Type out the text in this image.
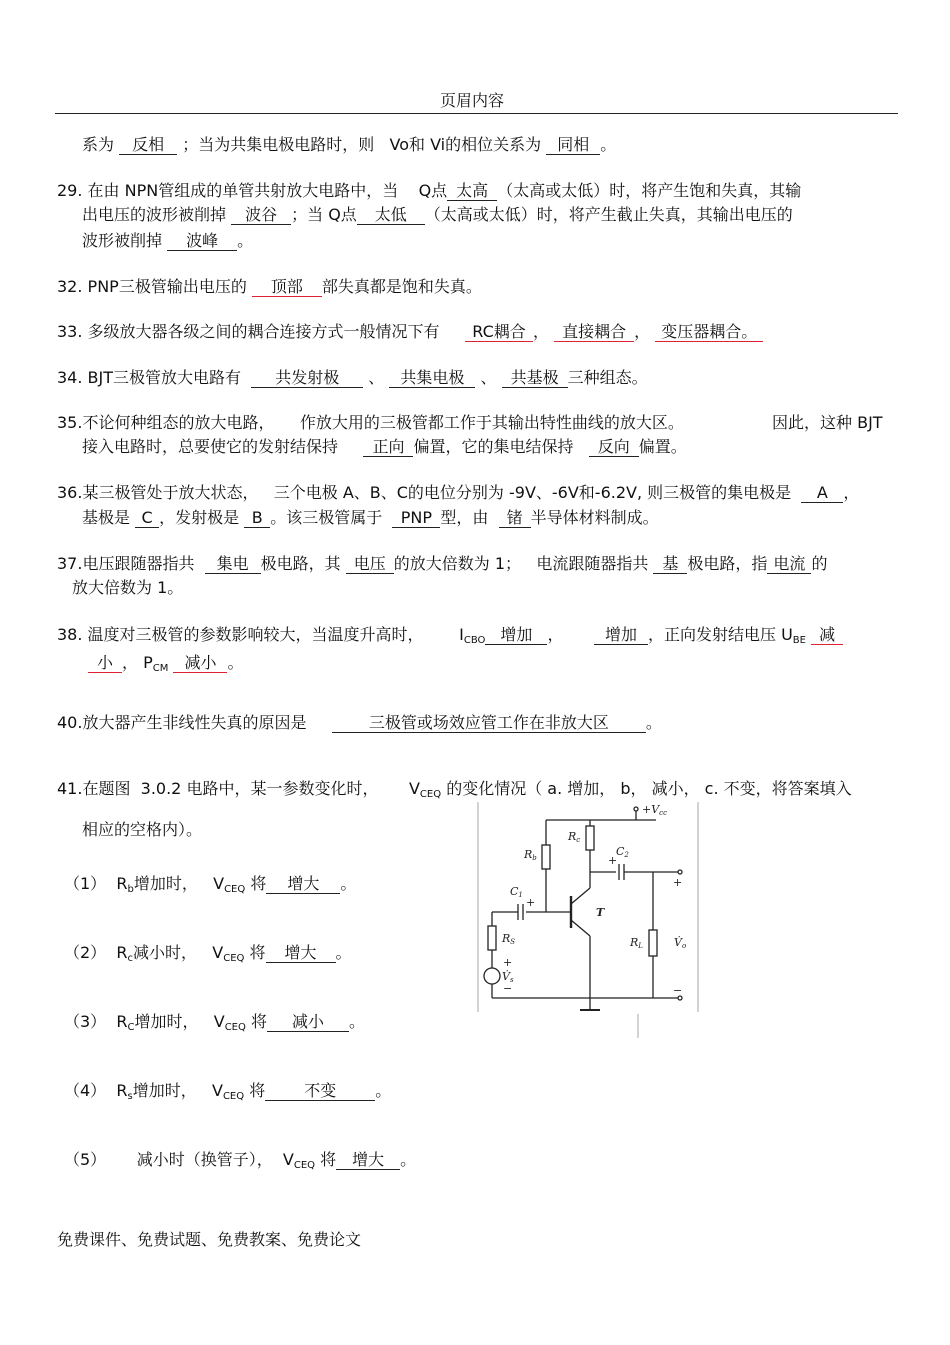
页眉内容
系为 反相 ；当为共集电极电路时，则 Vo和 Vi的相位关系为 同相 。
29. 在由 NPN管组成的单管共射放大电路中，当 Q点 太高 （太高或太低）时，将产生饱和失真，其输
出电压的波形被削掉 波谷 ；当 Q点 太低 （太高或太低）时，将产生截止失真，其输出电压的
波形被削掉 波峰 。
32. PNP三极管输出电压的 顶部 部失真都是饱和失真。
33. 多级放大器各级之间的耦合连接方式一般情况下有 RC耦合 ， 直接耦合 ， 变压器耦合。
34. BJT三极管放大电路有 共发射极 、 共集电极 、 共基极 三种组态。
35.不论何种组态的放大电路， 作放大用的三极管都工作于其输出特性曲线的放大区。	因此，这种 BJT
接入电路时，总要使它的发射结保持 正向 偏置，它的集电结保持 反向 偏置。
36.某三极管处于放大状态， 三个电极 A、B、C的电位分别为 -9V、-6V和-6.2V, 则三极管的集电极是 A ，
基极是 C ，发射极是 B 。该三极管属于 PNP 型，由 锗 半导体材料制成。
37.电压跟随器指共 集电 极电路，其 电压 的放大倍数为 1； 电流跟随器指共 基 极电路，指 电流 的
放大倍数为 1。
38. 温度对三极管的参数影响较大，当温度升高时， $I_{CBO}$ 增加 ，	增加 ，正向发射结电压 $U_{BE}$ 减
小 ， $P_{CM}$ 减小 。
40.放大器产生非线性失真的原因是	三极管或场效应管工作在非放大区 。
41.在题图 3.0.2 电路中，某一参数变化时， $V_{CEQ}$ 的变化情况（ a. 增加， b， 减小， c. 不变，将答案填入
相应的空格内）。
（1） $R_b$增加时， $V_{CEQ}$ 将 增大 。
（2） $R_c$减小时， $V_{CEQ}$ 将 增大 。
（3） $R_C$增加时， $V_{CEQ}$ 将 减小 。
（4） $R_s$增加时， $V_{CEQ}$ 将 不变 。
（5） 减小时（换管子）， $V_{CEQ}$ 将 增大 。
+Vcc
Rb
Rc
C2
C1
T
RS	RL	V̇o
V̇s
+
+
+
+
−
−
免费课件、免费试题、免费教案、免费论文
